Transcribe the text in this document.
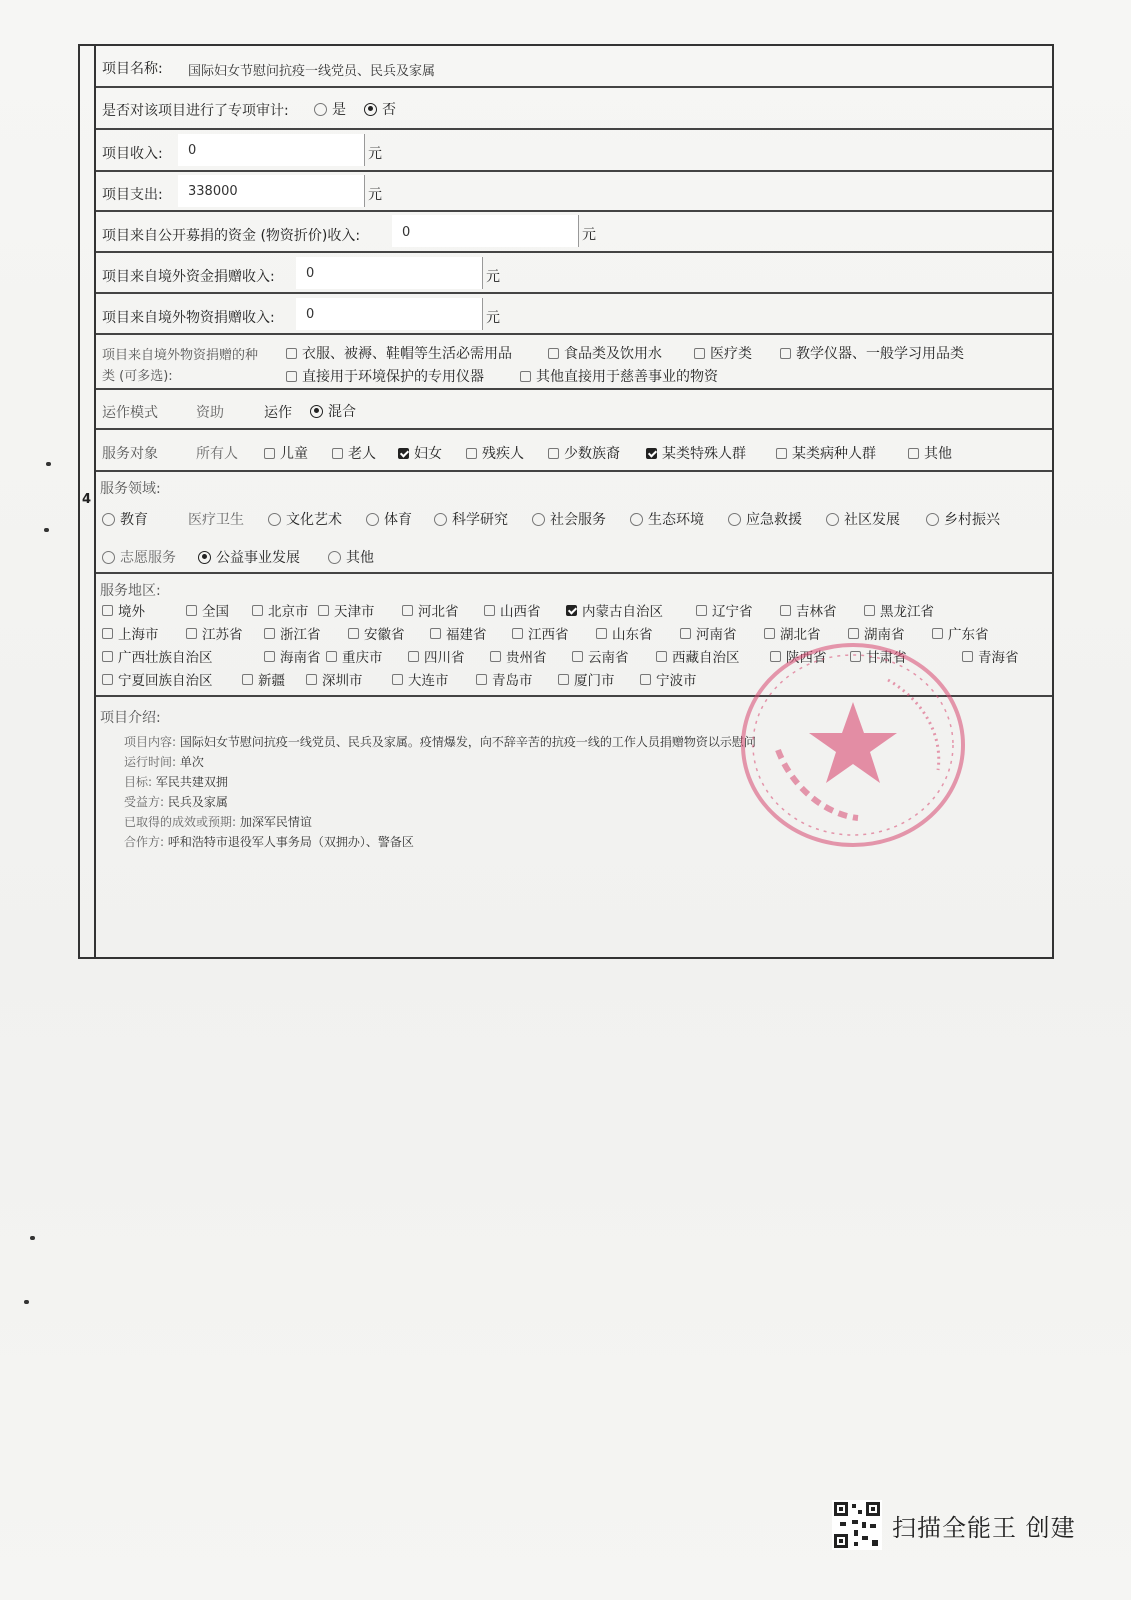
4
项目名称: 国际妇女节慰问抗疫一线党员、民兵及家属
是否对该项目进行了专项审计:	是	否
项目收入: 0	元
项目支出: 338000	元
项目来自公开募捐的资金 (物资折价)收入:	0	元
项目来自境外资金捐赠收入: 0	元
项目来自境外物资捐赠收入: 0	元
项目来自境外物资捐赠的种
类 (可多选):
衣服、被褥、鞋帽等生活必需用品	食品类及饮用水	医疗类	教学仪器、一般学习用品类
直接用于环境保护的专用仪器	其他直接用于慈善事业的物资
运作模式	资助	运作	混合
服务对象	所有人	儿童	老人	妇女	残疾人	少数族裔	某类特殊人群	某类病种人群	其他
服务领域:
教育	医疗卫生	文化艺术	体育	科学研究	社会服务	生态环境	应急救援	社区发展	乡村振兴
志愿服务	公益事业发展	其他
服务地区:
境外	全国	北京市 天津市	河北省	山西省	内蒙古自治区	辽宁省	吉林省	黑龙江省
上海市	江苏省	浙江省	安徽省	福建省	江西省	山东省	河南省	湖北省	湖南省	广东省
广西壮族自治区	海南省 重庆市	四川省	贵州省	云南省	西藏自治区	陕西省	甘肃省	青海省
宁夏回族自治区	新疆	深圳市	大连市	青岛市	厦门市	宁波市
项目介绍:
项目内容: 国际妇女节慰问抗疫一线党员、民兵及家属。疫情爆发，向不辞辛苦的抗疫一线的工作人员捐赠物资以示慰问
运行时间: 单次
目标: 军民共建双拥
受益方: 民兵及家属
已取得的成效或预期: 加深军民情谊
合作方: 呼和浩特市退役军人事务局（双拥办）、警备区
扫描全能王 创建
